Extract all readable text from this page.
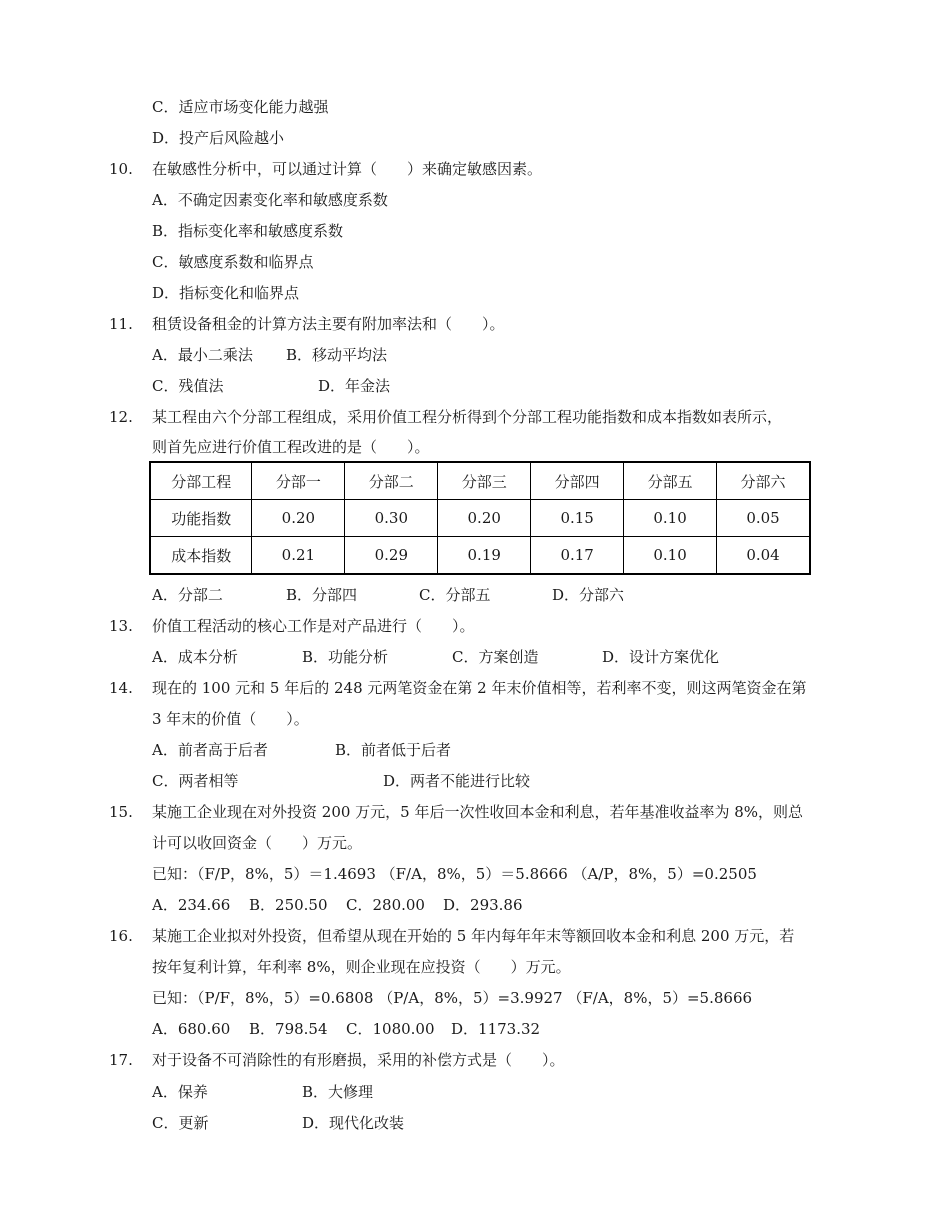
C．适应市场变化能力越强
D．投产后风险越小
10.	在敏感性分析中，可以通过计算（　　）来确定敏感因素。
A．不确定因素变化率和敏感度系数
B．指标变化率和敏感度系数
C．敏感度系数和临界点
D．指标变化和临界点
11.	租赁设备租金的计算方法主要有附加率法和（　　）。
A．最小二乘法 B．移动平均法
C．残值法	D．年金法
12.	某工程由六个分部工程组成，采用价值工程分析得到个分部工程功能指数和成本指数如表所示，
则首先应进行价值工程改进的是（　　）。
分部工程	分部一	分部二	分部三	分部四	分部五	分部六
功能指数	0.20	0.30	0.20	0.15	0.10	0.05
成本指数	0.21	0.29	0.19	0.17	0.10	0.04
A．分部二	B．分部四	C．分部五	D．分部六
13.	价值工程活动的核心工作是对产品进行（　　）。
A．成本分析	B．功能分析	C．方案创造	D．设计方案优化
14.	现在的 100 元和 5 年后的 248 元两笔资金在第 2 年末价值相等，若利率不变，则这两笔资金在第
3 年末的价值（　　）。
A．前者高于后者	B．前者低于后者
C．两者相等	D．两者不能进行比较
15.	某施工企业现在对外投资 200 万元，5 年后一次性收回本金和利息，若年基准收益率为 8%，则总
计可以收回资金（　　）万元。
已知：（F/P，8%，5）＝1.4693 （F/A，8%，5）＝5.8666 （A/P，8%，5）=0.2505
A．234.66 B．250.50 C．280.00 D．293.86
16.	某施工企业拟对外投资，但希望从现在开始的 5 年内每年年末等额回收本金和利息 200 万元，若
按年复利计算，年利率 8%，则企业现在应投资（　　）万元。
已知：（P/F，8%，5）=0.6808 （P/A，8%，5）=3.9927 （F/A，8%，5）=5.8666
A．680.60 B．798.54 C．1080.00 D．1173.32
17.	对于设备不可消除性的有形磨损，采用的补偿方式是（　　）。
A．保养	B．大修理
C．更新	D．现代化改装
